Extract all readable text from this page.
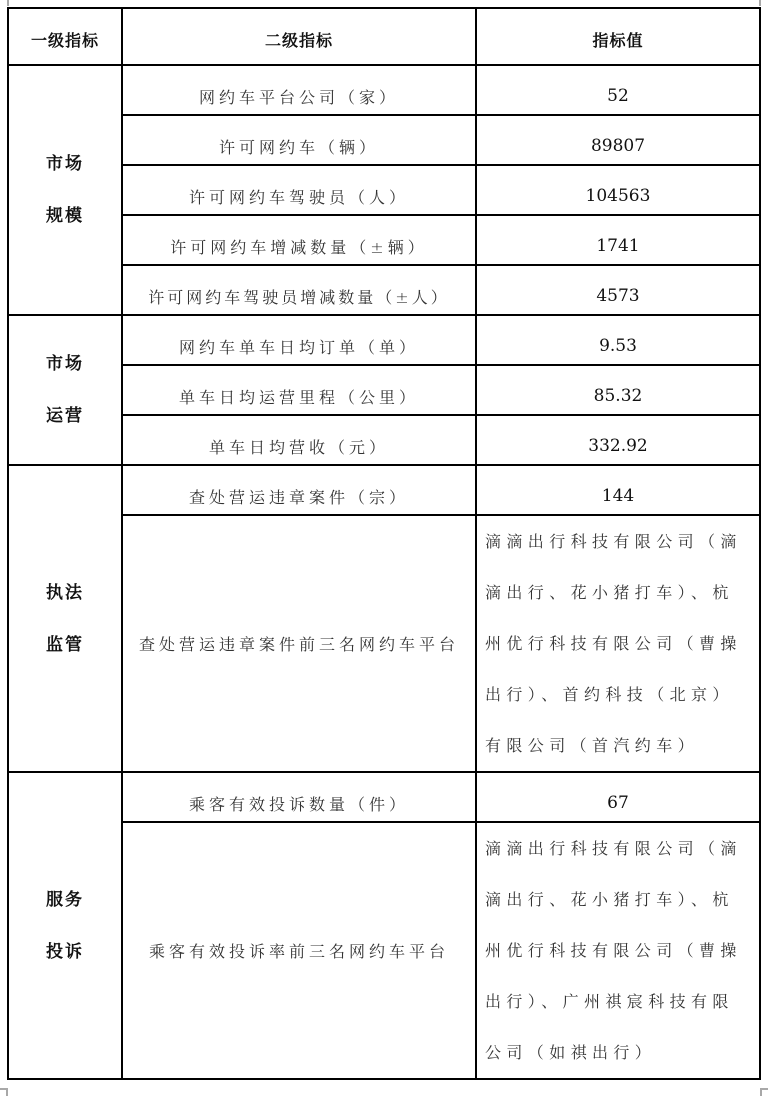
一级指标	二级指标	指标值

市场
规模	网约车平台公司（家）	52
	许可网约车（辆）	89807
	许可网约车驾驶员（人）	104563
	许可网约车增减数量（±辆）	1741
	许可网约车驾驶员增减数量（±人）	4573

市场
运营	网约车单车日均订单（单）	9.53
	单车日均运营里程（公里）	85.32
	单车日均营收（元）	332.92

执法
监管	查处营运违章案件（宗）	144
	查处营运违章案件前三名网约车平台	滴滴出行科技有限公司（滴滴出行、花小猪打车）、杭州优行科技有限公司（曹操出行）、首约科技（北京）有限公司（首汽约车）

服务
投诉	乘客有效投诉数量（件）	67
	乘客有效投诉率前三名网约车平台	滴滴出行科技有限公司（滴滴出行、花小猪打车）、杭州优行科技有限公司（曹操出行）、广州祺宸科技有限公司（如祺出行）
